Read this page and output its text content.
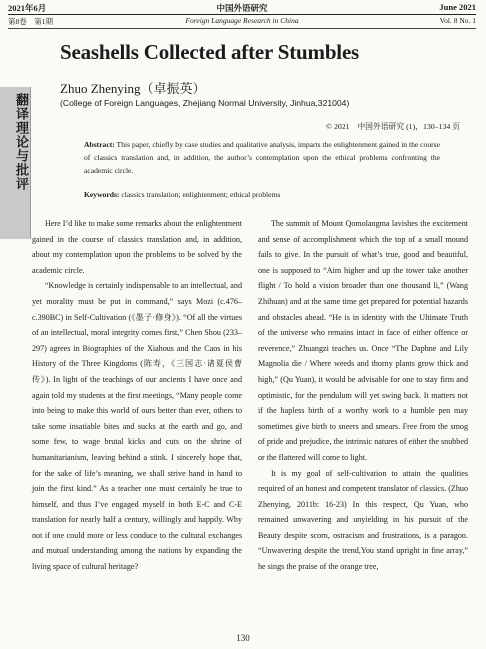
2021年6月	中国外语研究	June 2021
第8卷　第1期	Foreign Language Research in China	Vol. 8 No. 1
翻译理论与批评
Seashells Collected after Stumbles
Zhuo Zhenying（卓振英）
(College of Foreign Languages, Zhejiang Normal University, Jinhua,321004)
© 2021　中国外语研究 (1)，130–134 页
Abstract: This paper, chiefly by case studies and qualitative analysis, imparts the enlightenment gained in the course of classics translation and, in addition, the author’s contemplation upon the ethical problems confronting the academic circle.
Keywords: classics translation; enlightenment; ethical problems

Here I’d like to make some remarks about the enlightenment gained in the course of classics translation and, in addition, about my contemplation upon the problems to be solved by the academic circle.

“Knowledge is certainly indispensable to an intellectual, and yet morality must be put in command,” says Mozi (c.476–c.390BC) in Self-Cultivation (《墨子·修身》). “Of all the virtues of an intellectual, moral integrity comes first,” Chen Shou (233–297) agrees in Biographies of the Xiahous and the Caos in his History of the Three Kingdoms (陈寿，《三国志·诸夏侯曹传》). In light of the teachings of our ancients I have once and again told my students at the first meetings, “Many people come into being to make this world of ours better than ever, others to take some insatiable bites and sucks at the earth and go, and some few, to wage brutal kicks and cuts on the shrine of humanitarianism, leaving behind a stink. I sincerely hope that, for the sake of life’s meaning, we shall strive hand in hand to join the first kind.” As a teacher one must certainly be true to himself, and thus I’ve engaged myself in both E-C and C-E translation for nearly half a century, willingly and happily. Why not if one could more or less conduce to the cultural exchanges and mutual understanding among the nations by expanding the living space of cultural heritage?

The summit of Mount Qomolangma lavishes the excitement and sense of accomplishment which the top of a small mound fails to give. In the pursuit of what’s true, good and beautiful, one is supposed to “Aim higher and up the tower take another flight / To hold a vision broader than one thousand li,” (Wang Zhihuan) and at the same time get prepared for potential hazards and obstacles ahead. “He is in identity with the Ultimate Truth of the universe who remains intact in face of either offence or reverence,” Zhuangzi teaches us. Once “The Daphne and Lily Magnolia die / Where weeds and thorny plants grow thick and high,” (Qu Yuan), it would be advisable for one to stay firm and optimistic, for the pendulum will yet swing back. It matters not if the hapless birth of a worthy work to a humble pen may sometimes give birth to sneers and smears. Free from the smog of pride and prejudice, the intrinsic natures of either the snubbed or the flattered will come to light.

It is my goal of self-cultivation to attain the qualities required of an honest and competent translator of classics. (Zhuo Zhenying, 2011b: 16-23) In this respect, Qu Yuan, who remained unwavering and unyielding in his pursuit of the Beauty despite scorn, ostracism and frustrations, is a paragon. “Unwavering despite the trend,You stand upright in fine array,” he sings the praise of the orange tree,

130
